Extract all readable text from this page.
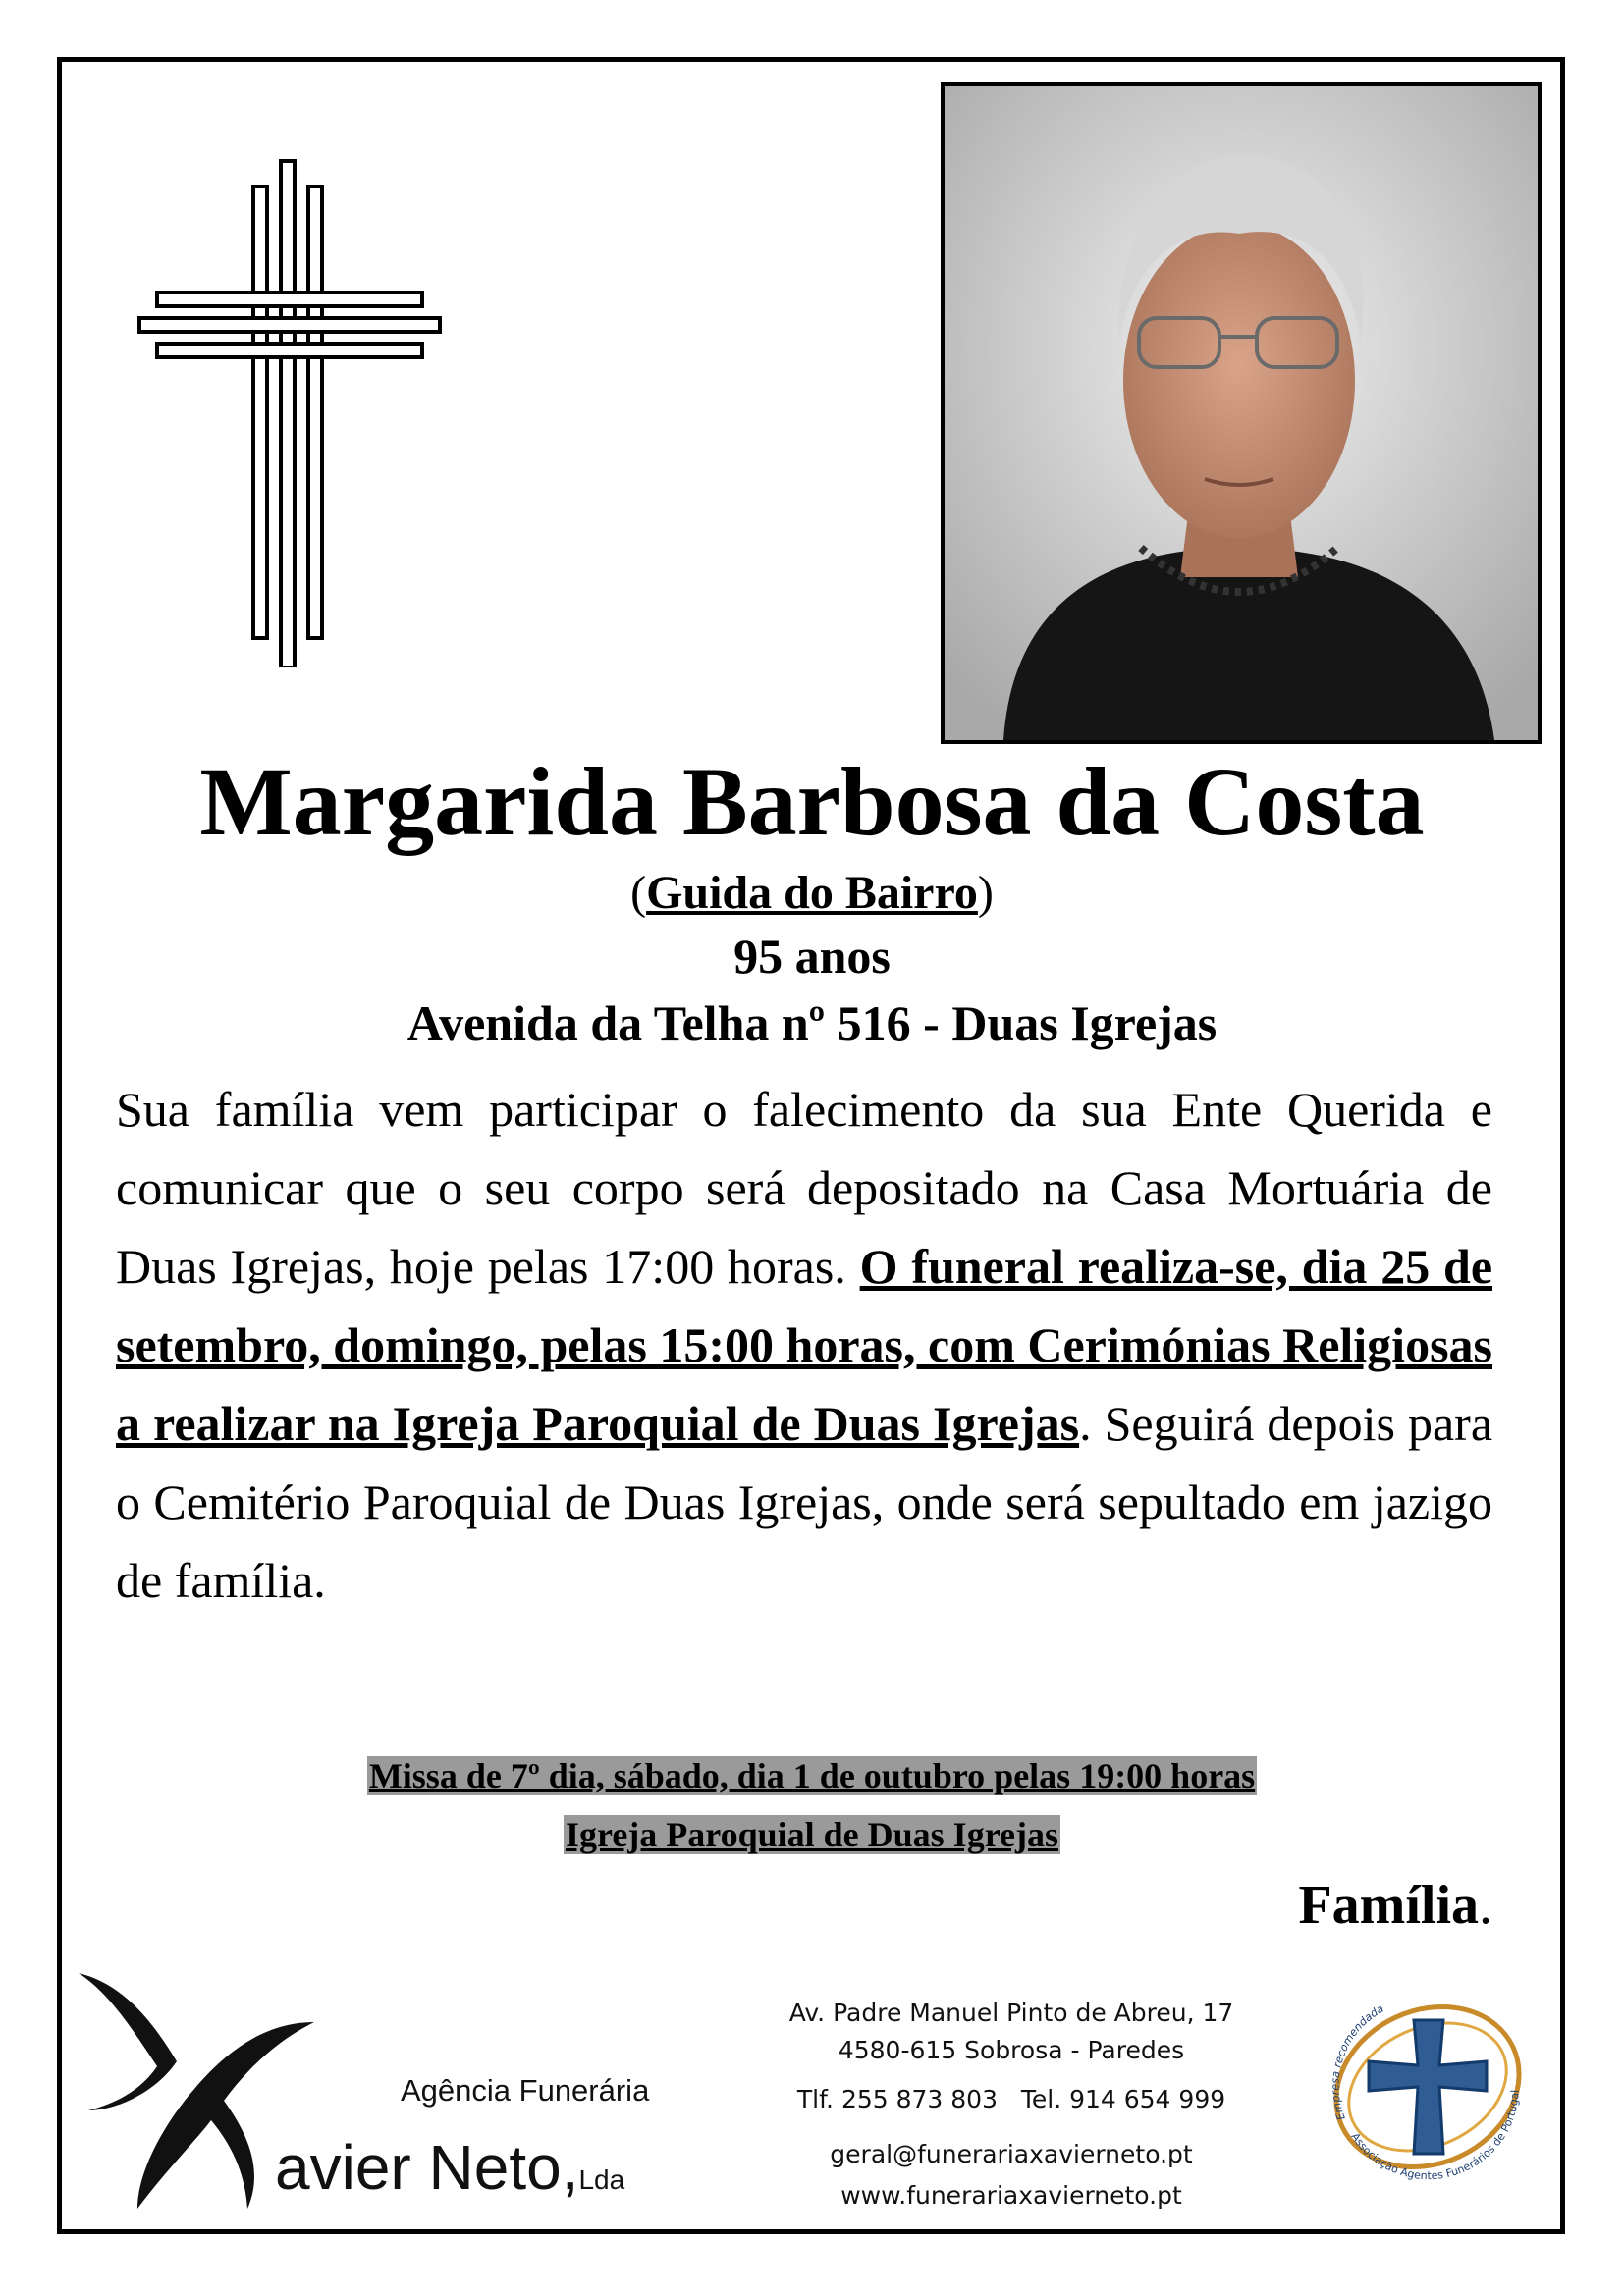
Margarida Barbosa da Costa
(Guida do Bairro)
95 anos
Avenida da Telha nº 516 - Duas Igrejas
Sua família vem participar o falecimento da sua Ente Querida e comunicar que o seu corpo será depositado na Casa Mortuária de Duas Igrejas, hoje pelas 17:00 horas. O funeral realiza-se, dia 25 de setembro, domingo, pelas 15:00 horas, com Cerimónias Religiosas a realizar na Igreja Paroquial de Duas Igrejas. Seguirá depois para o Cemitério Paroquial de Duas Igrejas, onde será sepultado em jazigo de família.
Missa de 7º dia, sábado, dia 1 de outubro pelas 19:00 horas
Igreja Paroquial de Duas Igrejas
Família.
Agência Funerária
avier Neto,Lda
Av. Padre Manuel Pinto de Abreu, 17
4580-615 Sobrosa - Paredes
Tlf. 255 873 803   Tel. 914 654 999
geral@funerariaxavierneto.pt
www.funerariaxavierneto.pt
Empresa recomendada
Associação Agentes Funerários de Portugal
